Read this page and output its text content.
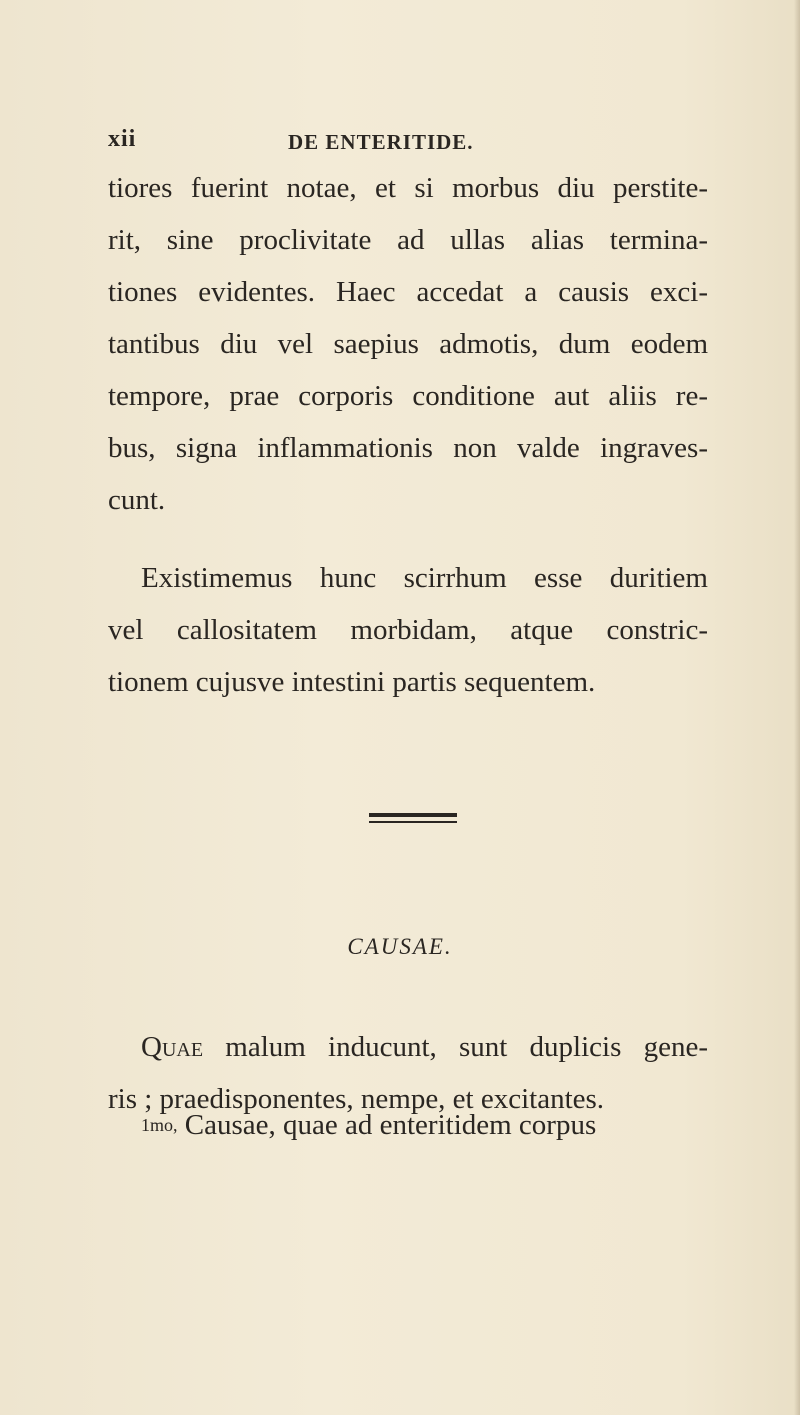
xii	DE ENTERITIDE.
tiores fuerint notae, et si morbus diu perstite-
rit, sine proclivitate ad ullas alias termina-
tiones evidentes. Haec accedat a causis exci-
tantibus diu vel saepius admotis, dum eodem
tempore, prae corporis conditione aut aliis re-
bus, signa inflammationis non valde ingraves-
cunt.
Existimemus hunc scirrhum esse duritiem
vel callositatem morbidam, atque constric-
tionem cujusve intestini partis sequentem.
CAUSAE.
Quae malum inducunt, sunt duplicis gene-
ris ; praedisponentes, nempe, et excitantes.
1mo, Causae, quae ad enteritidem corpus
